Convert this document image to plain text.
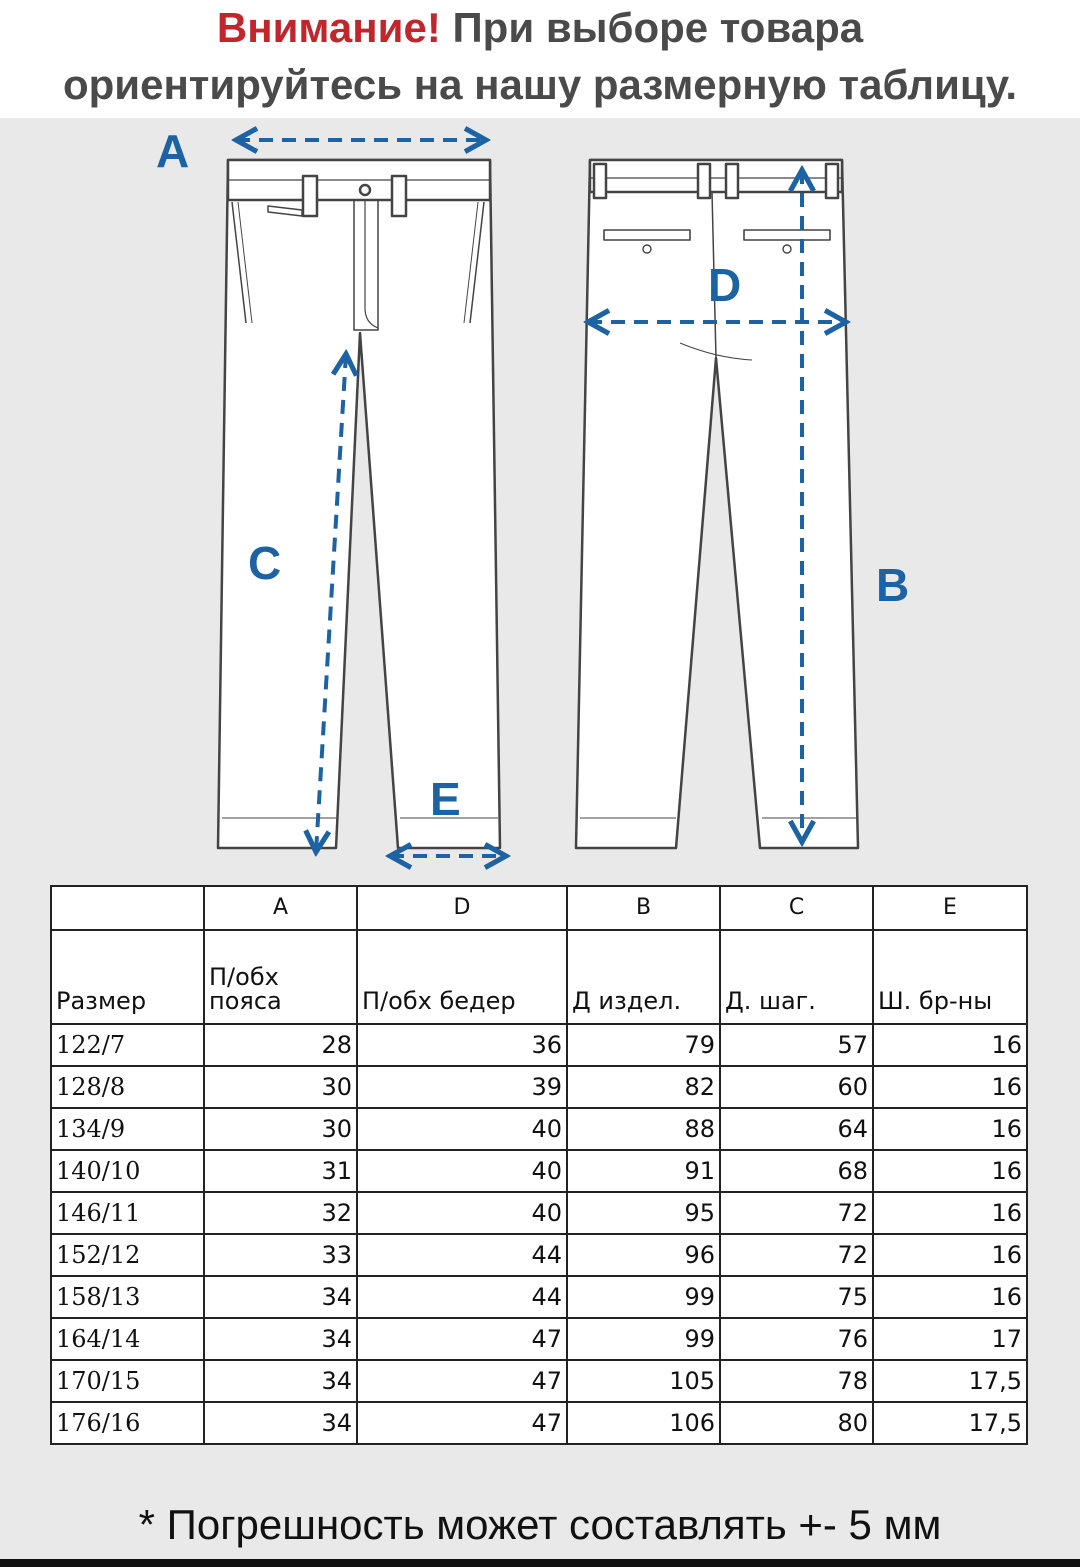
Внимание! При выборе товара
ориентируйтесь на нашу размерную таблицу.
A
D
C	B
E
	A	D	B	C	E
Размер	П/обх пояса	П/обх бедер	Д издел.	Д. шаг.	Ш. бр-ны
122/7	28	36	79	57	16
128/8	30	39	82	60	16
134/9	30	40	88	64	16
140/10	31	40	91	68	16
146/11	32	40	95	72	16
152/12	33	44	96	72	16
158/13	34	44	99	75	16
164/14	34	47	99	76	17
170/15	34	47	105	78	17,5
176/16	34	47	106	80	17,5
* Погрешность может составлять +- 5 мм
